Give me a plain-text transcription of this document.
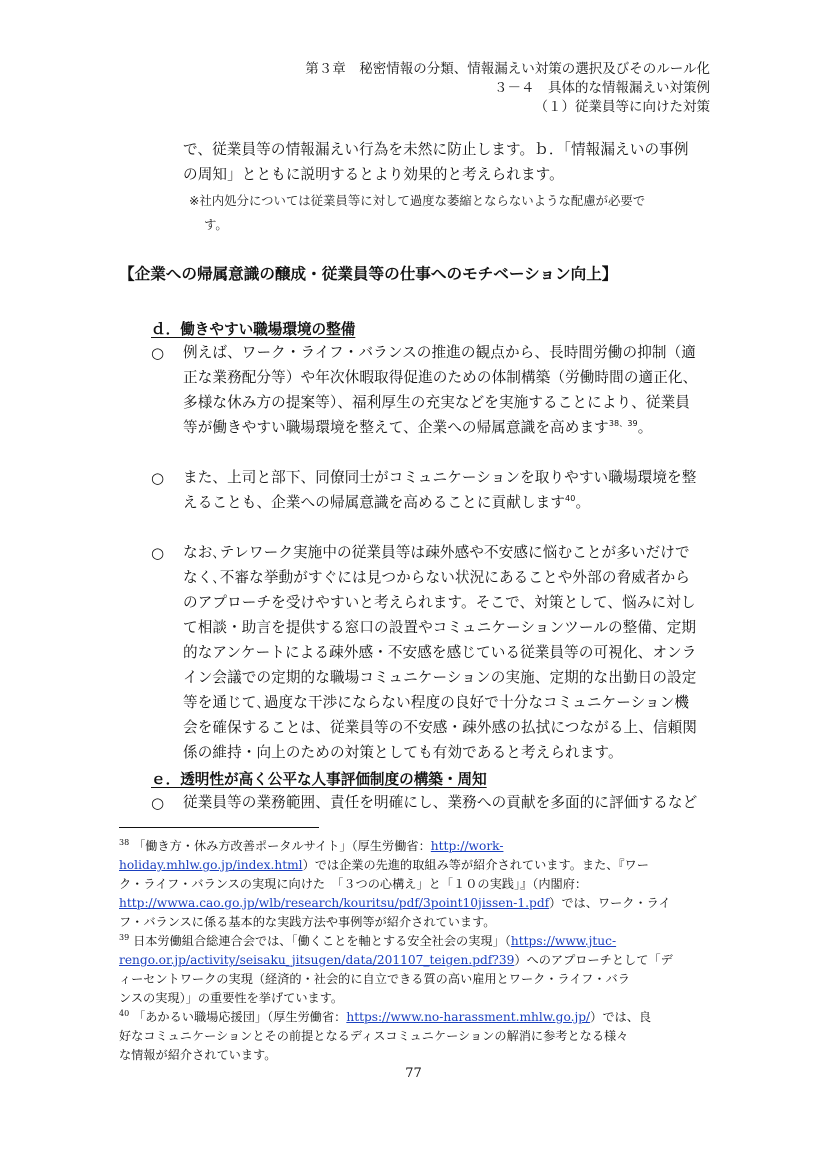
第３章　秘密情報の分類、情報漏えい対策の選択及びそのルール化
３－４　具体的な情報漏えい対策例
（１）従業員等に向けた対策
で、従業員等の情報漏えい行為を未然に防止します。ｂ．「情報漏えいの事例
の周知」とともに説明するとより効果的と考えられます。
※社内処分については従業員等に対して過度な萎縮とならないような配慮が必要で
す。
【企業への帰属意識の醸成・従業員等の仕事へのモチベーション向上】
ｄ．働きやすい職場環境の整備
○ 例えば、ワーク・ライフ・バランスの推進の観点から、長時間労働の抑制（適
正な業務配分等）や年次休暇取得促進のための体制構築（労働時間の適正化、
多様な休み方の提案等）、福利厚生の充実などを実施することにより、従業員
等が働きやすい職場環境を整えて、企業への帰属意識を高めます$^{38、39}$。
○ また、上司と部下、同僚同士がコミュニケーションを取りやすい職場環境を整
えることも、企業への帰属意識を高めることに貢献します$^{40}$。
○ なお､テレワーク実施中の従業員等は疎外感や不安感に悩むことが多いだけで
なく､不審な挙動がすぐには見つからない状況にあることや外部の脅威者から
のアプローチを受けやすいと考えられます。そこで、対策として、悩みに対し
て相談・助言を提供する窓口の設置やコミュニケーションツールの整備、定期
的なアンケートによる疎外感・不安感を感じている従業員等の可視化、オンラ
イン会議での定期的な職場コミュニケーションの実施、定期的な出勤日の設定
等を通じて､過度な干渉にならない程度の良好で十分なコミュニケーション機
会を確保することは、従業員等の不安感・疎外感の払拭につながる上、信頼関
係の維持・向上のための対策としても有効であると考えられます。
ｅ．透明性が高く公平な人事評価制度の構築・周知
○ 従業員等の業務範囲、責任を明確にし、業務への貢献を多面的に評価するなど
$^{38}$ 「働き方・休み方改善ポータルサイト」（厚生労働省：http://work-
holiday.mhlw.go.jp/index.html）では企業の先進的取組み等が紹介されています。また、『ワー
ク・ライフ・バランスの実現に向けた　「３つの心構え」と「１０の実践」』（内閣府：
http://wwwa.cao.go.jp/wlb/research/kouritsu/pdf/3point10jissen-1.pdf）では、ワーク・ライ
フ・バランスに係る基本的な実践方法や事例等が紹介されています。
$^{39}$ 日本労働組合総連合会では、「働くことを軸とする安全社会の実現」（https://www.jtuc-
rengo.or.jp/activity/seisaku_jitsugen/data/201107_teigen.pdf?39）へのアプローチとして「デ
ィーセントワークの実現（経済的・社会的に自立できる質の高い雇用とワーク・ライフ・バラ
ンスの実現）」の重要性を挙げています。
$^{40}$ 「あかるい職場応援団」（厚生労働省：https://www.no-harassment.mhlw.go.jp/）では、良
好なコミュニケーションとその前提となるディスコミュニケーションの解消に参考となる様々
な情報が紹介されています。
77
